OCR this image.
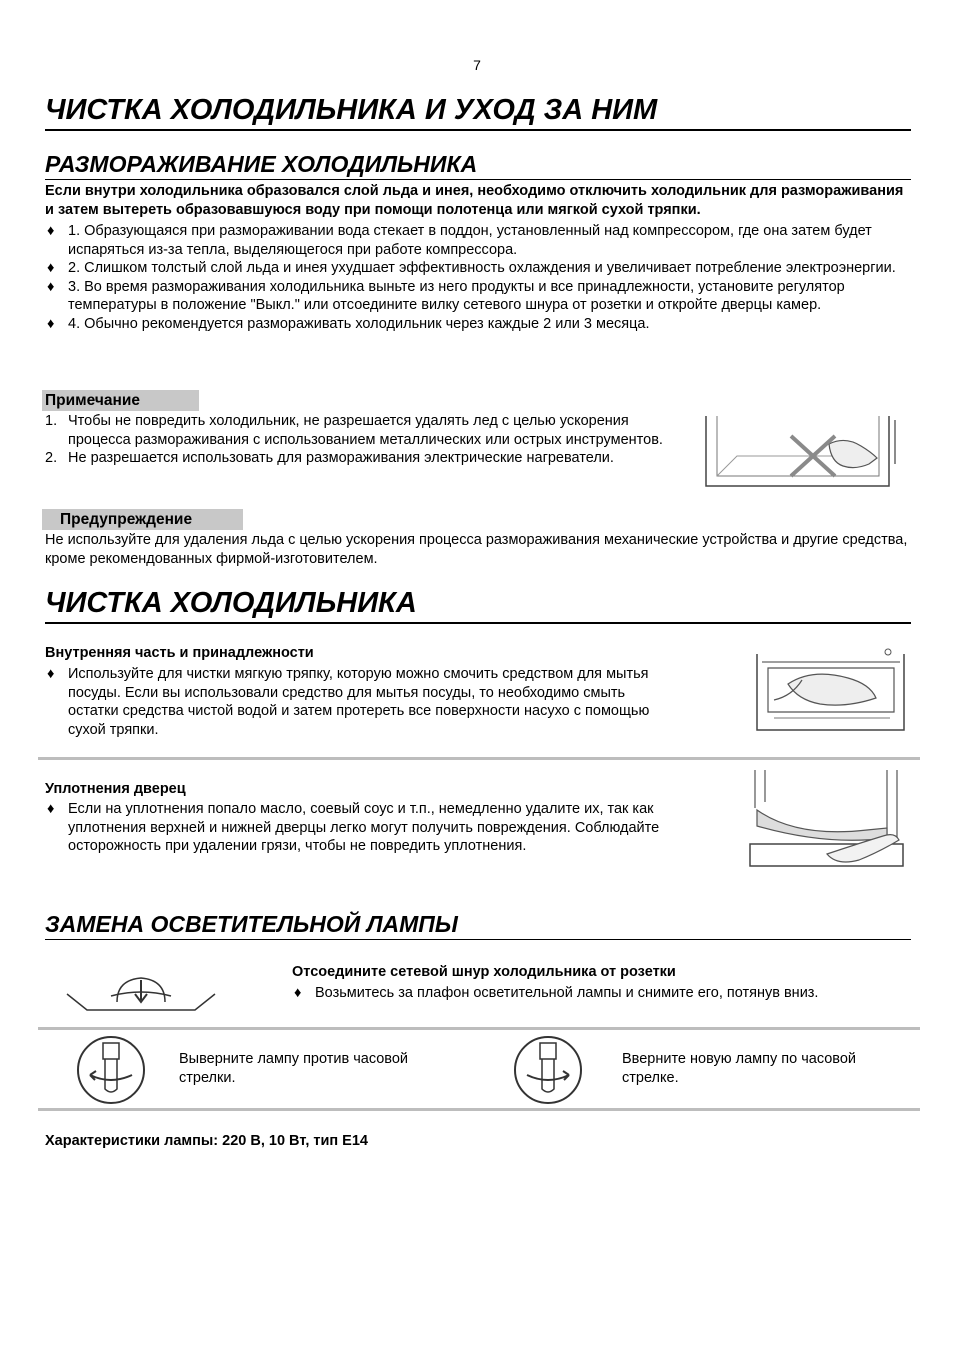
7
ЧИСТКА ХОЛОДИЛЬНИКА И УХОД ЗА НИМ
РАЗМОРАЖИВАНИЕ ХОЛОДИЛЬНИКА
Если внутри холодильника образовался слой льда и инея, необходимо отключить холодильник для размораживания и затем вытереть образовавшуюся воду при помощи полотенца или мягкой сухой тряпки.
♦ 1. Образующаяся при размораживании вода стекает в поддон, установленный над компрессором, где она затем будет испаряться из-за тепла, выделяющегося при работе компрессора.
♦ 2. Слишком толстый слой льда и инея ухудшает эффективность охлаждения и увеличивает потребление электроэнергии.
♦ 3. Во время размораживания холодильника выньте из него продукты и все принадлежности, установите регулятор температуры в положение "Выкл." или отсоедините вилку сетевого шнура от розетки и откройте дверцы камер.
♦ 4. Обычно рекомендуется размораживать холодильник через каждые 2 или 3 месяца.
Примечание
1. Чтобы не повредить холодильник, не разрешается удалять лед с целью ускорения процесса размораживания с использованием металлических или острых инструментов.
2. Не разрешается использовать для размораживания электрические нагреватели.
Предупреждение
Не используйте для удаления льда с целью ускорения процесса размораживания механические устройства и другие средства, кроме рекомендованных фирмой-изготовителем.
ЧИСТКА ХОЛОДИЛЬНИКА
Внутренняя часть и принадлежности
♦ Используйте для чистки мягкую тряпку, которую можно смочить средством для мытья посуды. Если вы использовали средство для мытья посуды, то необходимо смыть остатки средства чистой водой и затем протереть все поверхности насухо с помощью сухой тряпки.
Уплотнения дверец
♦ Если на уплотнения попало масло, соевый соус и т.п., немедленно удалите их, так как уплотнения верхней и нижней дверцы легко могут получить повреждения. Соблюдайте осторожность при удалении грязи, чтобы не повредить уплотнения.
ЗАМЕНА ОСВЕТИТЕЛЬНОЙ ЛАМПЫ
Отсоедините сетевой шнур холодильника от розетки
♦ Возьмитесь за плафон осветительной лампы и снимите его, потянув вниз.
Выверните лампу против часовой стрелки.
Вверните новую лампу по часовой стрелке.
Характеристики лампы: 220 В, 10 Вт, тип E14
